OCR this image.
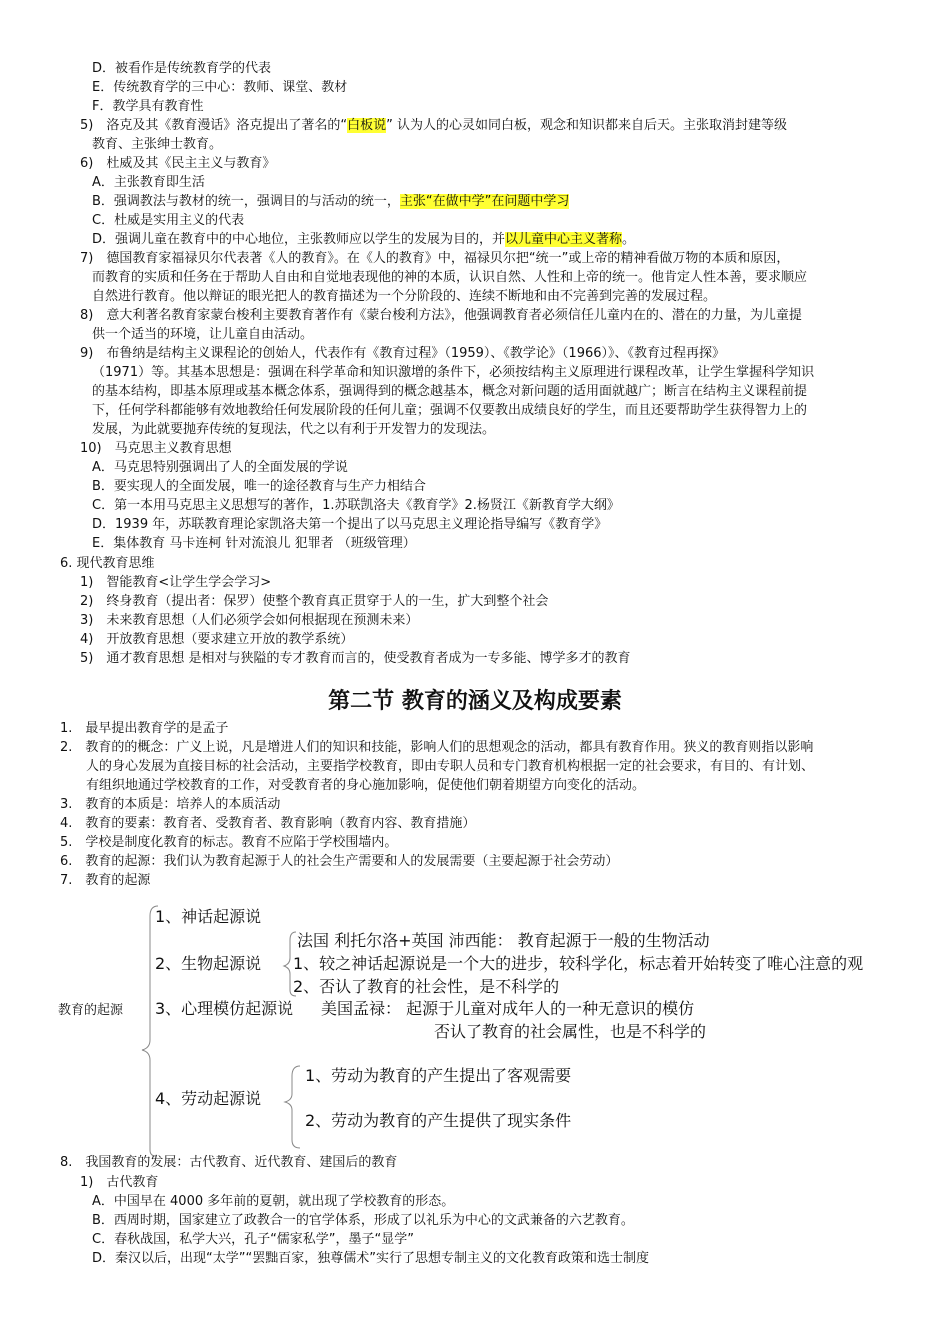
D．被看作是传统教育学的代表
E．传统教育学的三中心：教师、课堂、教材
F．教学具有教育性
5)　洛克及其《教育漫话》洛克提出了著名的“白板说” 认为人的心灵如同白板，观念和知识都来自后天。主张取消封建等级
教育、主张绅士教育。
6)　杜威及其《民主主义与教育》
A．主张教育即生活
B．强调教法与教材的统一，强调目的与活动的统一，主张“在做中学”在问题中学习
C．杜威是实用主义的代表
D．强调儿童在教育中的中心地位，主张教师应以学生的发展为目的，并以儿童中心主义著称。
7)　德国教育家福禄贝尔代表著《人的教育》。在《人的教育》中，福禄贝尔把“统一”或上帝的精神看做万物的本质和原因，
而教育的实质和任务在于帮助人自由和自觉地表现他的神的本质，认识自然、人性和上帝的统一。他肯定人性本善，要求顺应
自然进行教育。他以辩证的眼光把人的教育描述为一个分阶段的、连续不断地和由不完善到完善的发展过程。
8)　意大利著名教育家蒙台梭利主要教育著作有《蒙台梭利方法》，他强调教育者必须信任儿童内在的、潜在的力量，为儿童提
供一个适当的环境，让儿童自由活动。
9)　布鲁纳是结构主义课程论的创始人，代表作有《教育过程》（1959）、《教学论》（1966）》、《教育过程再探》
（1971）等。其基本思想是：强调在科学革命和知识激增的条件下，必须按结构主义原理进行课程改革，让学生掌握科学知识
的基本结构，即基本原理或基本概念体系，强调得到的概念越基本，概念对新问题的适用面就越广；断言在结构主义课程前提
下，任何学科都能够有效地教给任何发展阶段的任何儿童；强调不仅要教出成绩良好的学生，而且还要帮助学生获得智力上的
发展，为此就要抛弃传统的复现法，代之以有利于开发智力的发现法。
10)　马克思主义教育思想
A．马克思特别强调出了人的全面发展的学说
B．要实现人的全面发展，唯一的途径教育与生产力相结合
C．第一本用马克思主义思想写的著作，1.苏联凯洛夫《教育学》2.杨贤江《新教育学大纲》
D．1939 年，苏联教育理论家凯洛夫第一个提出了以马克思主义理论指导编写《教育学》
E．集体教育 马卡连柯 针对流浪儿 犯罪者 （班级管理）
6. 现代教育思维
1)　智能教育<让学生学会学习>
2)　终身教育（提出者：保罗）使整个教育真正贯穿于人的一生，扩大到整个社会
3)　未来教育思想（人们必须学会如何根据现在预测未来）
4)　开放教育思想（要求建立开放的教学系统）
5)　通才教育思想 是相对与狭隘的专才教育而言的，使受教育者成为一专多能、博学多才的教育
第二节 教育的涵义及构成要素
1.　最早提出教育学的是孟子
2.　教育的的概念：广义上说，凡是增进人们的知识和技能，影响人们的思想观念的活动，都具有教育作用。狭义的教育则指以影响
人的身心发展为直接目标的社会活动，主要指学校教育，即由专职人员和专门教育机构根据一定的社会要求，有目的、有计划、
有组织地通过学校教育的工作，对受教育者的身心施加影响，促使他们朝着期望方向变化的活动。
3.　教育的本质是：培养人的本质活动
4.　教育的要素：教育者、受教育者、教育影响（教育内容、教育措施）
5.　学校是制度化教育的标志。教育不应陷于学校围墙内。
6.　教育的起源：我们认为教育起源于人的社会生产需要和人的发展需要（主要起源于社会劳动）
7.　教育的起源
教育的起源
1、神话起源说
2、生物起源说
法国 利托尔洛+英国 沛西能： 教育起源于一般的生物活动
1、较之神话起源说是一个大的进步，较科学化，标志着开始转变了唯心注意的观
2、否认了教育的社会性，是不科学的
3、心理模仿起源说 美国孟禄： 起源于儿童对成年人的一种无意识的模仿
否认了教育的社会属性，也是不科学的
4、劳动起源说
1、劳动为教育的产生提出了客观需要
2、劳动为教育的产生提供了现实条件
8.　我国教育的发展：古代教育、近代教育、建国后的教育
1)　古代教育
A．中国早在 4000 多年前的夏朝，就出现了学校教育的形态。
B．西周时期，国家建立了政教合一的官学体系，形成了以礼乐为中心的文武兼备的六艺教育。
C．春秋战国，私学大兴，孔子“儒家私学”，墨子“显学”
D．秦汉以后，出现“太学”“罢黜百家，独尊儒术”实行了思想专制主义的文化教育政策和选士制度
